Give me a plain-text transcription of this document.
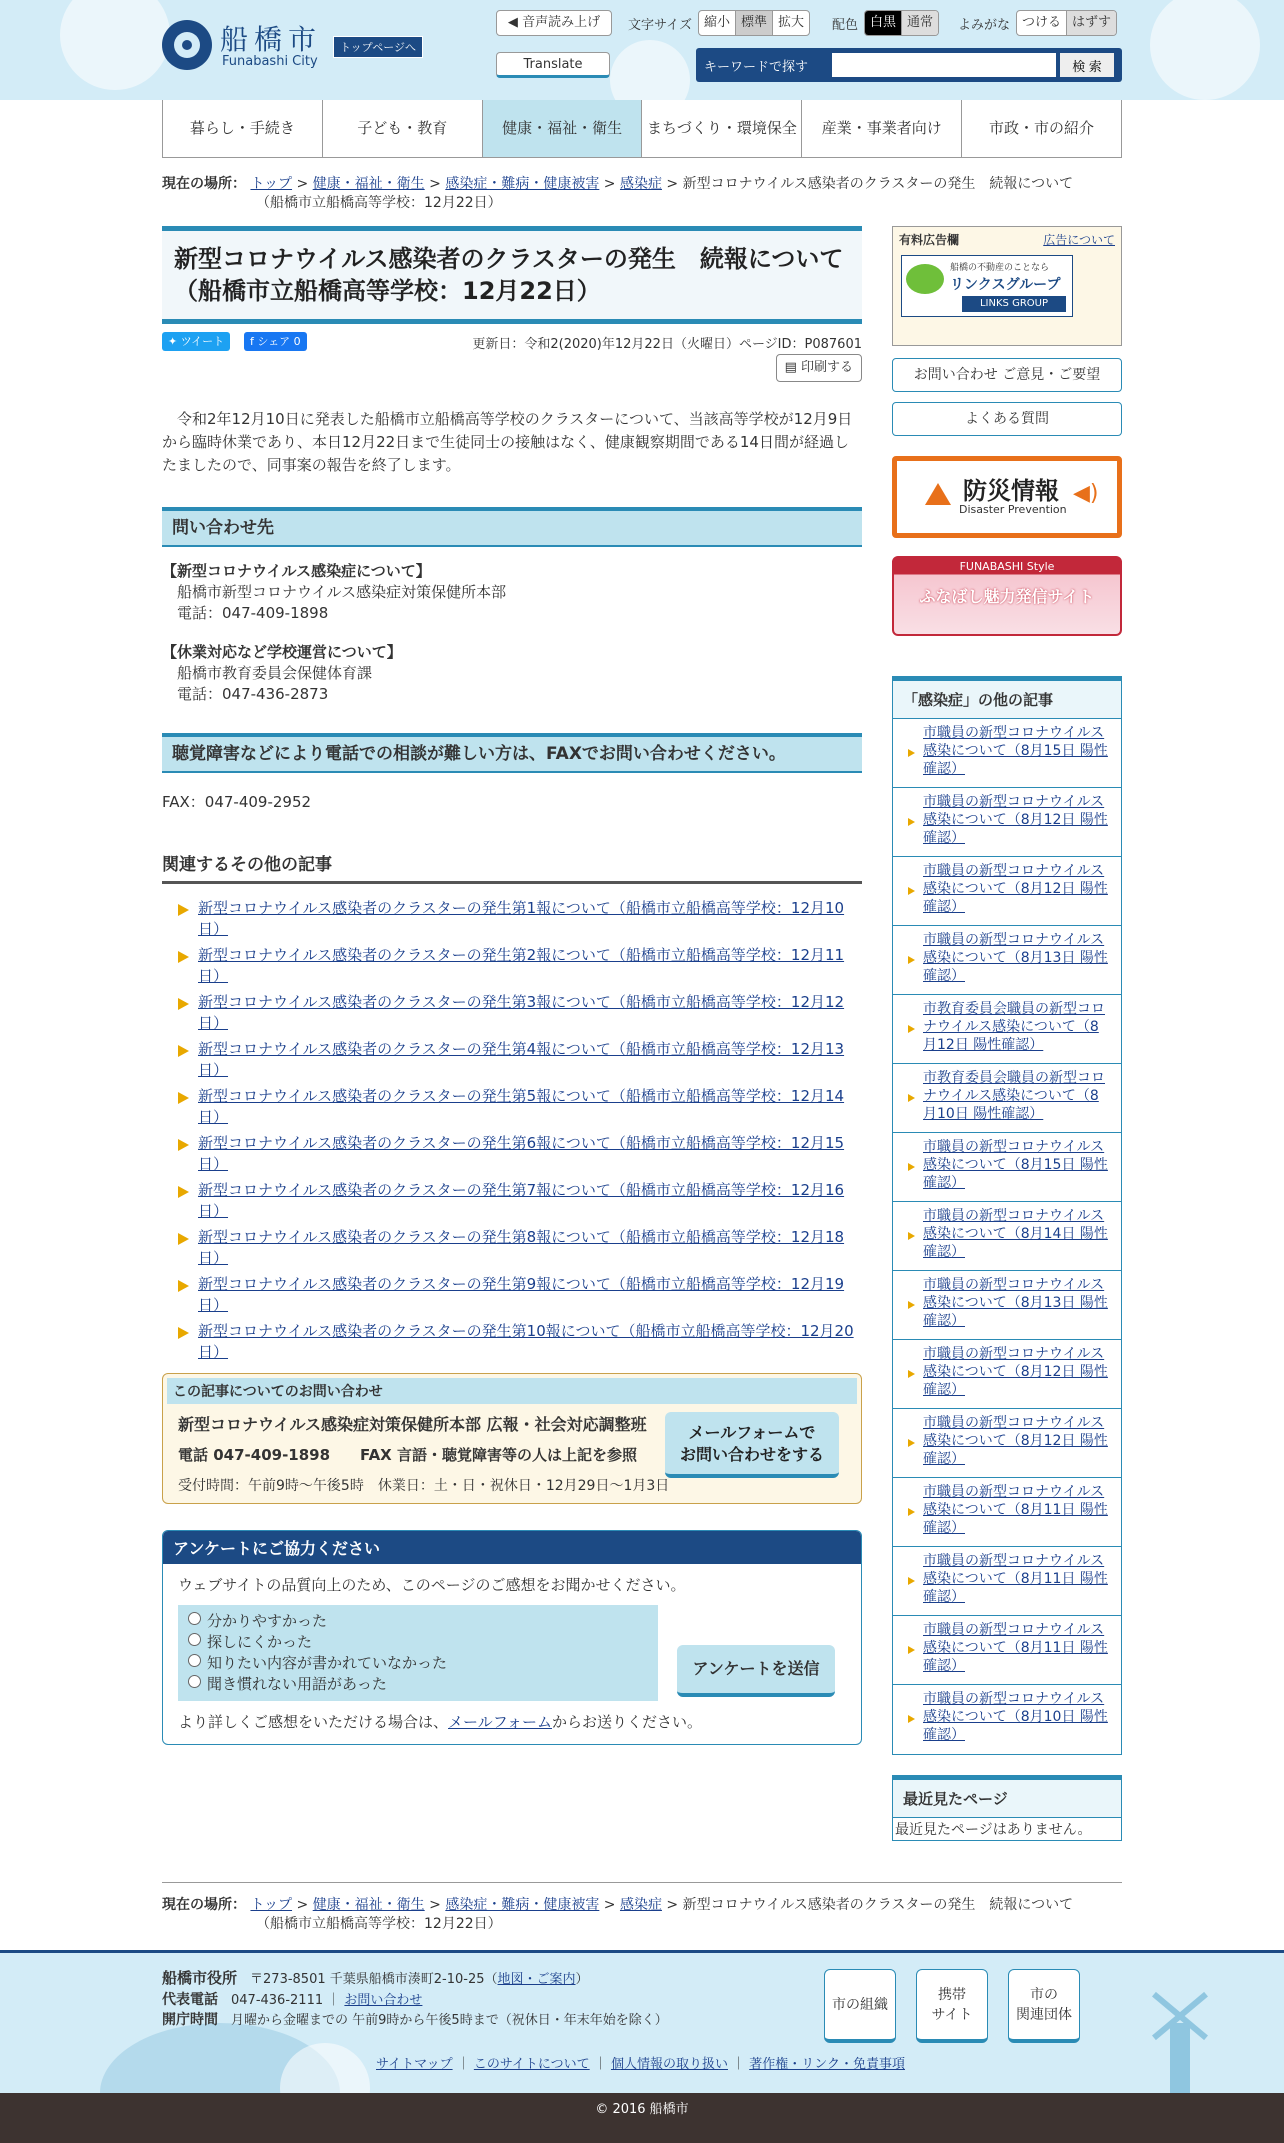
船橋市
Funabashi City
トップページへ
◀ 音声読み上げ	文字サイズ 縮小 標準 拡大	配色 白黒 通常	よみがな つける はずす
Translate	キーワードで探す	検 索
暮らし・手続き	子ども・教育	健康・福祉・衛生	まちづくり・環境保全	産業・事業者向け	市政・市の紹介
現在の場所： トップ > 健康・福祉・衛生 > 感染症・難病・健康被害 > 感染症 > 新型コロナウイルス感染者のクラスターの発生　続報について
（船橋市立船橋高等学校：12月22日）
新型コロナウイルス感染者のクラスターの発生　続報について
（船橋市立船橋高等学校：12月22日）
✦ ツイート	f シェア 0	更新日：令和2(2020)年12月22日（火曜日）ページID：P087601
▤ 印刷する

令和2年12月10日に発表した船橋市立船橋高等学校のクラスターについて、当該高等学校が12月9日から臨時休業であり、本日12月22日まで生徒同士の接触はなく、健康観察期間である14日間が経過したましたので、同事案の報告を終了します。

問い合わせ先

【新型コロナウイルス感染症について】

船橋市新型コロナウイルス感染症対策保健所本部

電話：047-409-1898

【休業対応など学校運営について】

船橋市教育委員会保健体育課

電話：047-436-2873

聴覚障害などにより電話での相談が難しい方は、FAXでお問い合わせください。

FAX：047-409-2952

関連するその他の記事
新型コロナウイルス感染者のクラスターの発生第1報について（船橋市立船橋高等学校：12月10日）
新型コロナウイルス感染者のクラスターの発生第2報について（船橋市立船橋高等学校：12月11日）
新型コロナウイルス感染者のクラスターの発生第3報について（船橋市立船橋高等学校：12月12日）
新型コロナウイルス感染者のクラスターの発生第4報について（船橋市立船橋高等学校：12月13日）
新型コロナウイルス感染者のクラスターの発生第5報について（船橋市立船橋高等学校：12月14日）
新型コロナウイルス感染者のクラスターの発生第6報について（船橋市立船橋高等学校：12月15日）
新型コロナウイルス感染者のクラスターの発生第7報について（船橋市立船橋高等学校：12月16日）
新型コロナウイルス感染者のクラスターの発生第8報について（船橋市立船橋高等学校：12月18日）
新型コロナウイルス感染者のクラスターの発生第9報について（船橋市立船橋高等学校：12月19日）
新型コロナウイルス感染者のクラスターの発生第10報について（船橋市立船橋高等学校：12月20日）
この記事についてのお問い合わせ
新型コロナウイルス感染症対策保健所本部 広報・社会対応調整班
電話 047-409-1898　　FAX 言語・聴覚障害等の人は上記を参照
受付時間：午前9時～午後5時　休業日：土・日・祝休日・12月29日～1月3日
メールフォームで
お問い合わせをする
アンケートにご協力ください
ウェブサイトの品質向上のため、このページのご感想をお聞かせください。
分かりやすかった
探しにくかった
知りたい内容が書かれていなかった
聞き慣れない用語があった
アンケートを送信
より詳しくご感想をいただける場合は、メールフォームからお送りください。
有料広告欄	広告について
船橋の不動産のことなら
リンクスグループ
LINKS GROUP
お問い合わせ ご意見・ご要望
よくある質問
防災情報
Disaster Prevention
◀)
FUNABASHI Style
ふなばし魅力発信サイト
「感染症」の他の記事
市職員の新型コロナウイルス感染について（8月15日 陽性確認）
市職員の新型コロナウイルス感染について（8月12日 陽性確認）
市職員の新型コロナウイルス感染について（8月12日 陽性確認）
市職員の新型コロナウイルス感染について（8月13日 陽性確認）
市教育委員会職員の新型コロナウイルス感染について（8月12日 陽性確認）
市教育委員会職員の新型コロナウイルス感染について（8月10日 陽性確認）
市職員の新型コロナウイルス感染について（8月15日 陽性確認）
市職員の新型コロナウイルス感染について（8月14日 陽性確認）
市職員の新型コロナウイルス感染について（8月13日 陽性確認）
市職員の新型コロナウイルス感染について（8月12日 陽性確認）
市職員の新型コロナウイルス感染について（8月12日 陽性確認）
市職員の新型コロナウイルス感染について（8月11日 陽性確認）
市職員の新型コロナウイルス感染について（8月11日 陽性確認）
市職員の新型コロナウイルス感染について（8月11日 陽性確認）
市職員の新型コロナウイルス感染について（8月10日 陽性確認）
最近見たページ
最近見たページはありません。
現在の場所： トップ > 健康・福祉・衛生 > 感染症・難病・健康被害 > 感染症 > 新型コロナウイルス感染者のクラスターの発生　続報について
（船橋市立船橋高等学校：12月22日）
船橋市役所　 〒273-8501 千葉県船橋市湊町2-10-25（地図・ご案内）
代表電話　 047-436-2111 ｜ お問い合わせ
開庁時間　 月曜から金曜までの 午前9時から午後5時まで（祝休日・年末年始を除く）
市の組織
携帯
サイト
市の
関連団体
サイトマップ ｜ このサイトについて ｜ 個人情報の取り扱い ｜ 著作権・リンク・免責事項
© 2016 船橋市
